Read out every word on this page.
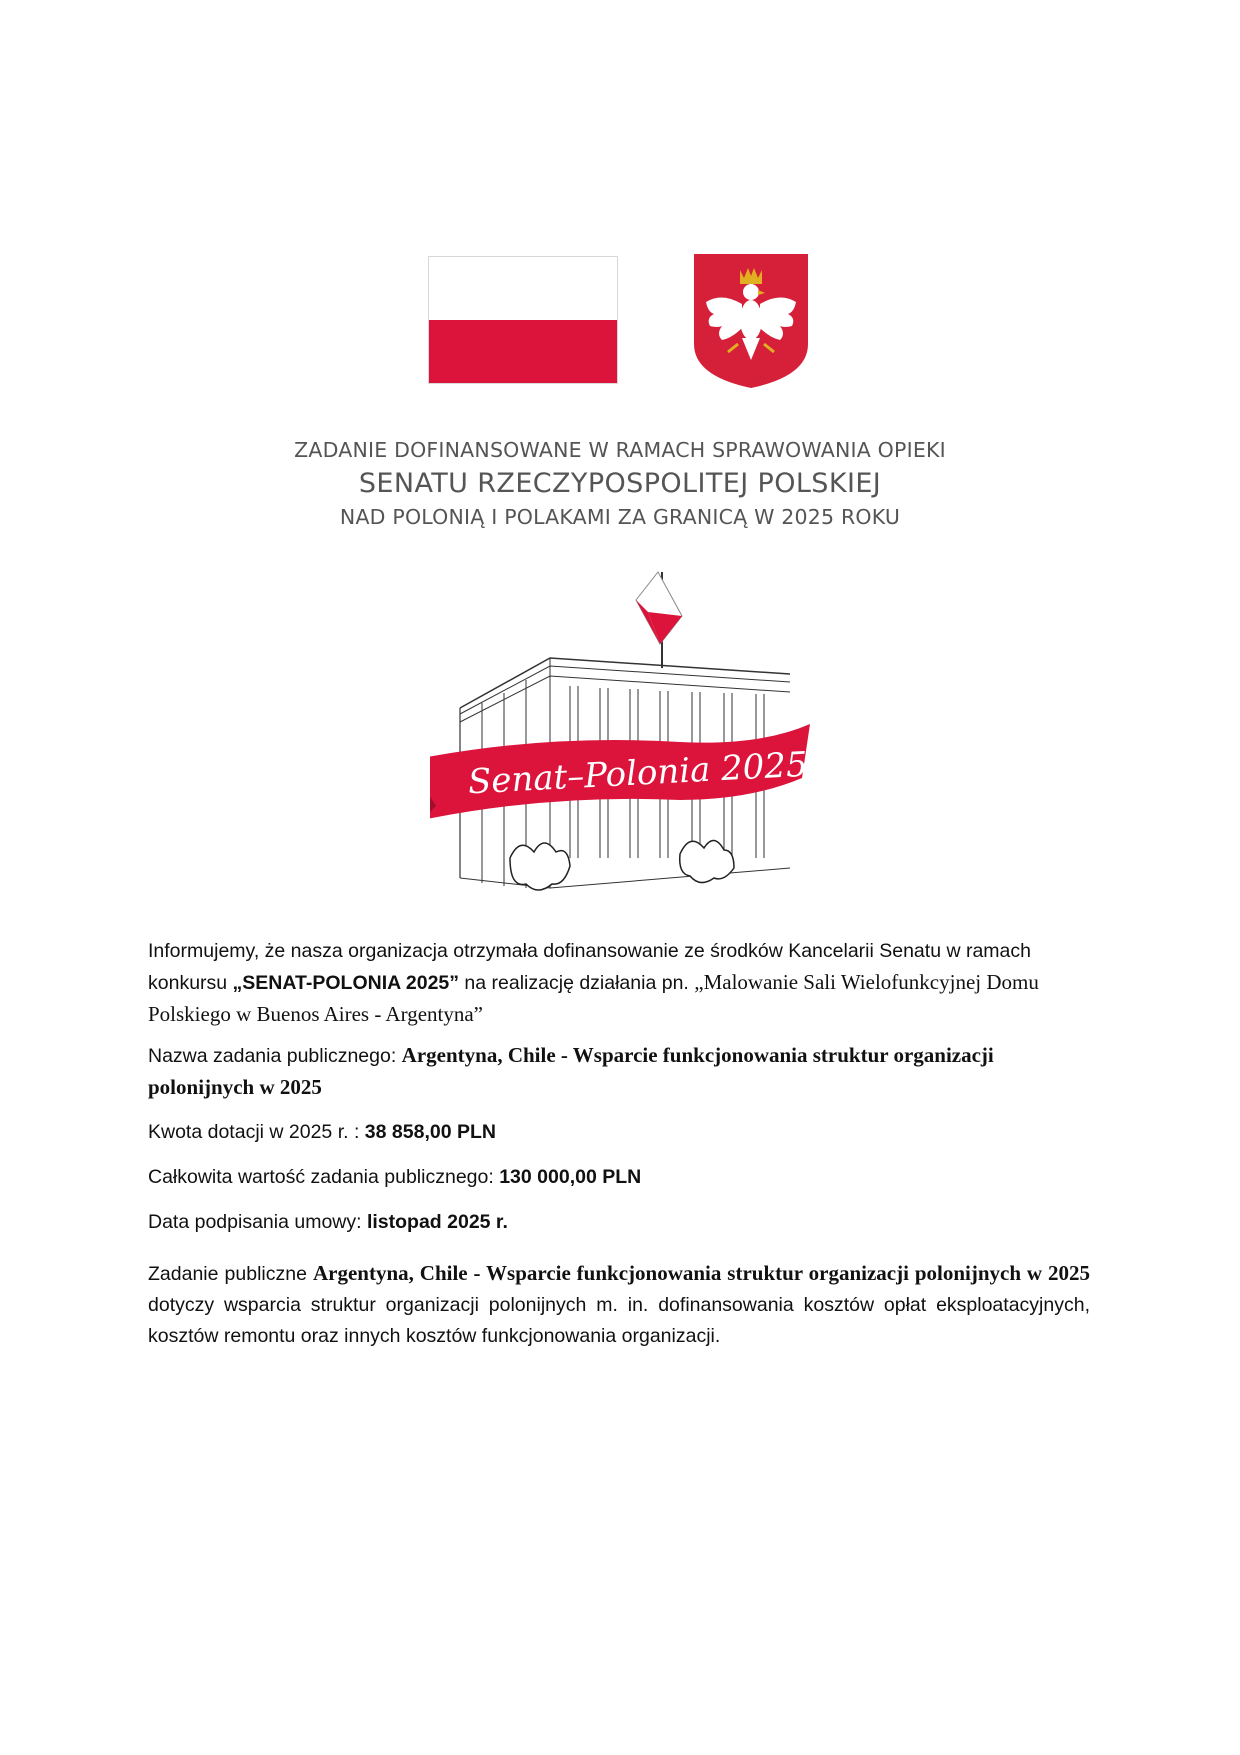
ZADANIE DOFINANSOWANE W RAMACH SPRAWOWANIA OPIEKI
SENATU RZECZYPOSPOLITEJ POLSKIEJ
NAD POLONIĄ I POLAKAMI ZA GRANICĄ W 2025 ROKU
Senat–Polonia 2025
Informujemy, że nasza organizacja otrzymała dofinansowanie ze środków Kancelarii Senatu w ramach konkursu „SENAT-POLONIA 2025” na realizację działania pn. „Malowanie Sali Wielofunkcyjnej Domu Polskiego w Buenos Aires - Argentyna”
Nazwa zadania publicznego: Argentyna, Chile - Wsparcie funkcjonowania struktur organizacji polonijnych w 2025
Kwota dotacji w 2025 r. : 38 858,00 PLN
Całkowita wartość zadania publicznego: 130 000,00 PLN
Data podpisania umowy: listopad 2025 r.
Zadanie publiczne Argentyna, Chile - Wsparcie funkcjonowania struktur organizacji polonijnych w 2025 dotyczy wsparcia struktur organizacji polonijnych m. in. dofinansowania kosztów opłat eksploatacyjnych, kosztów remontu oraz innych kosztów funkcjonowania organizacji.
